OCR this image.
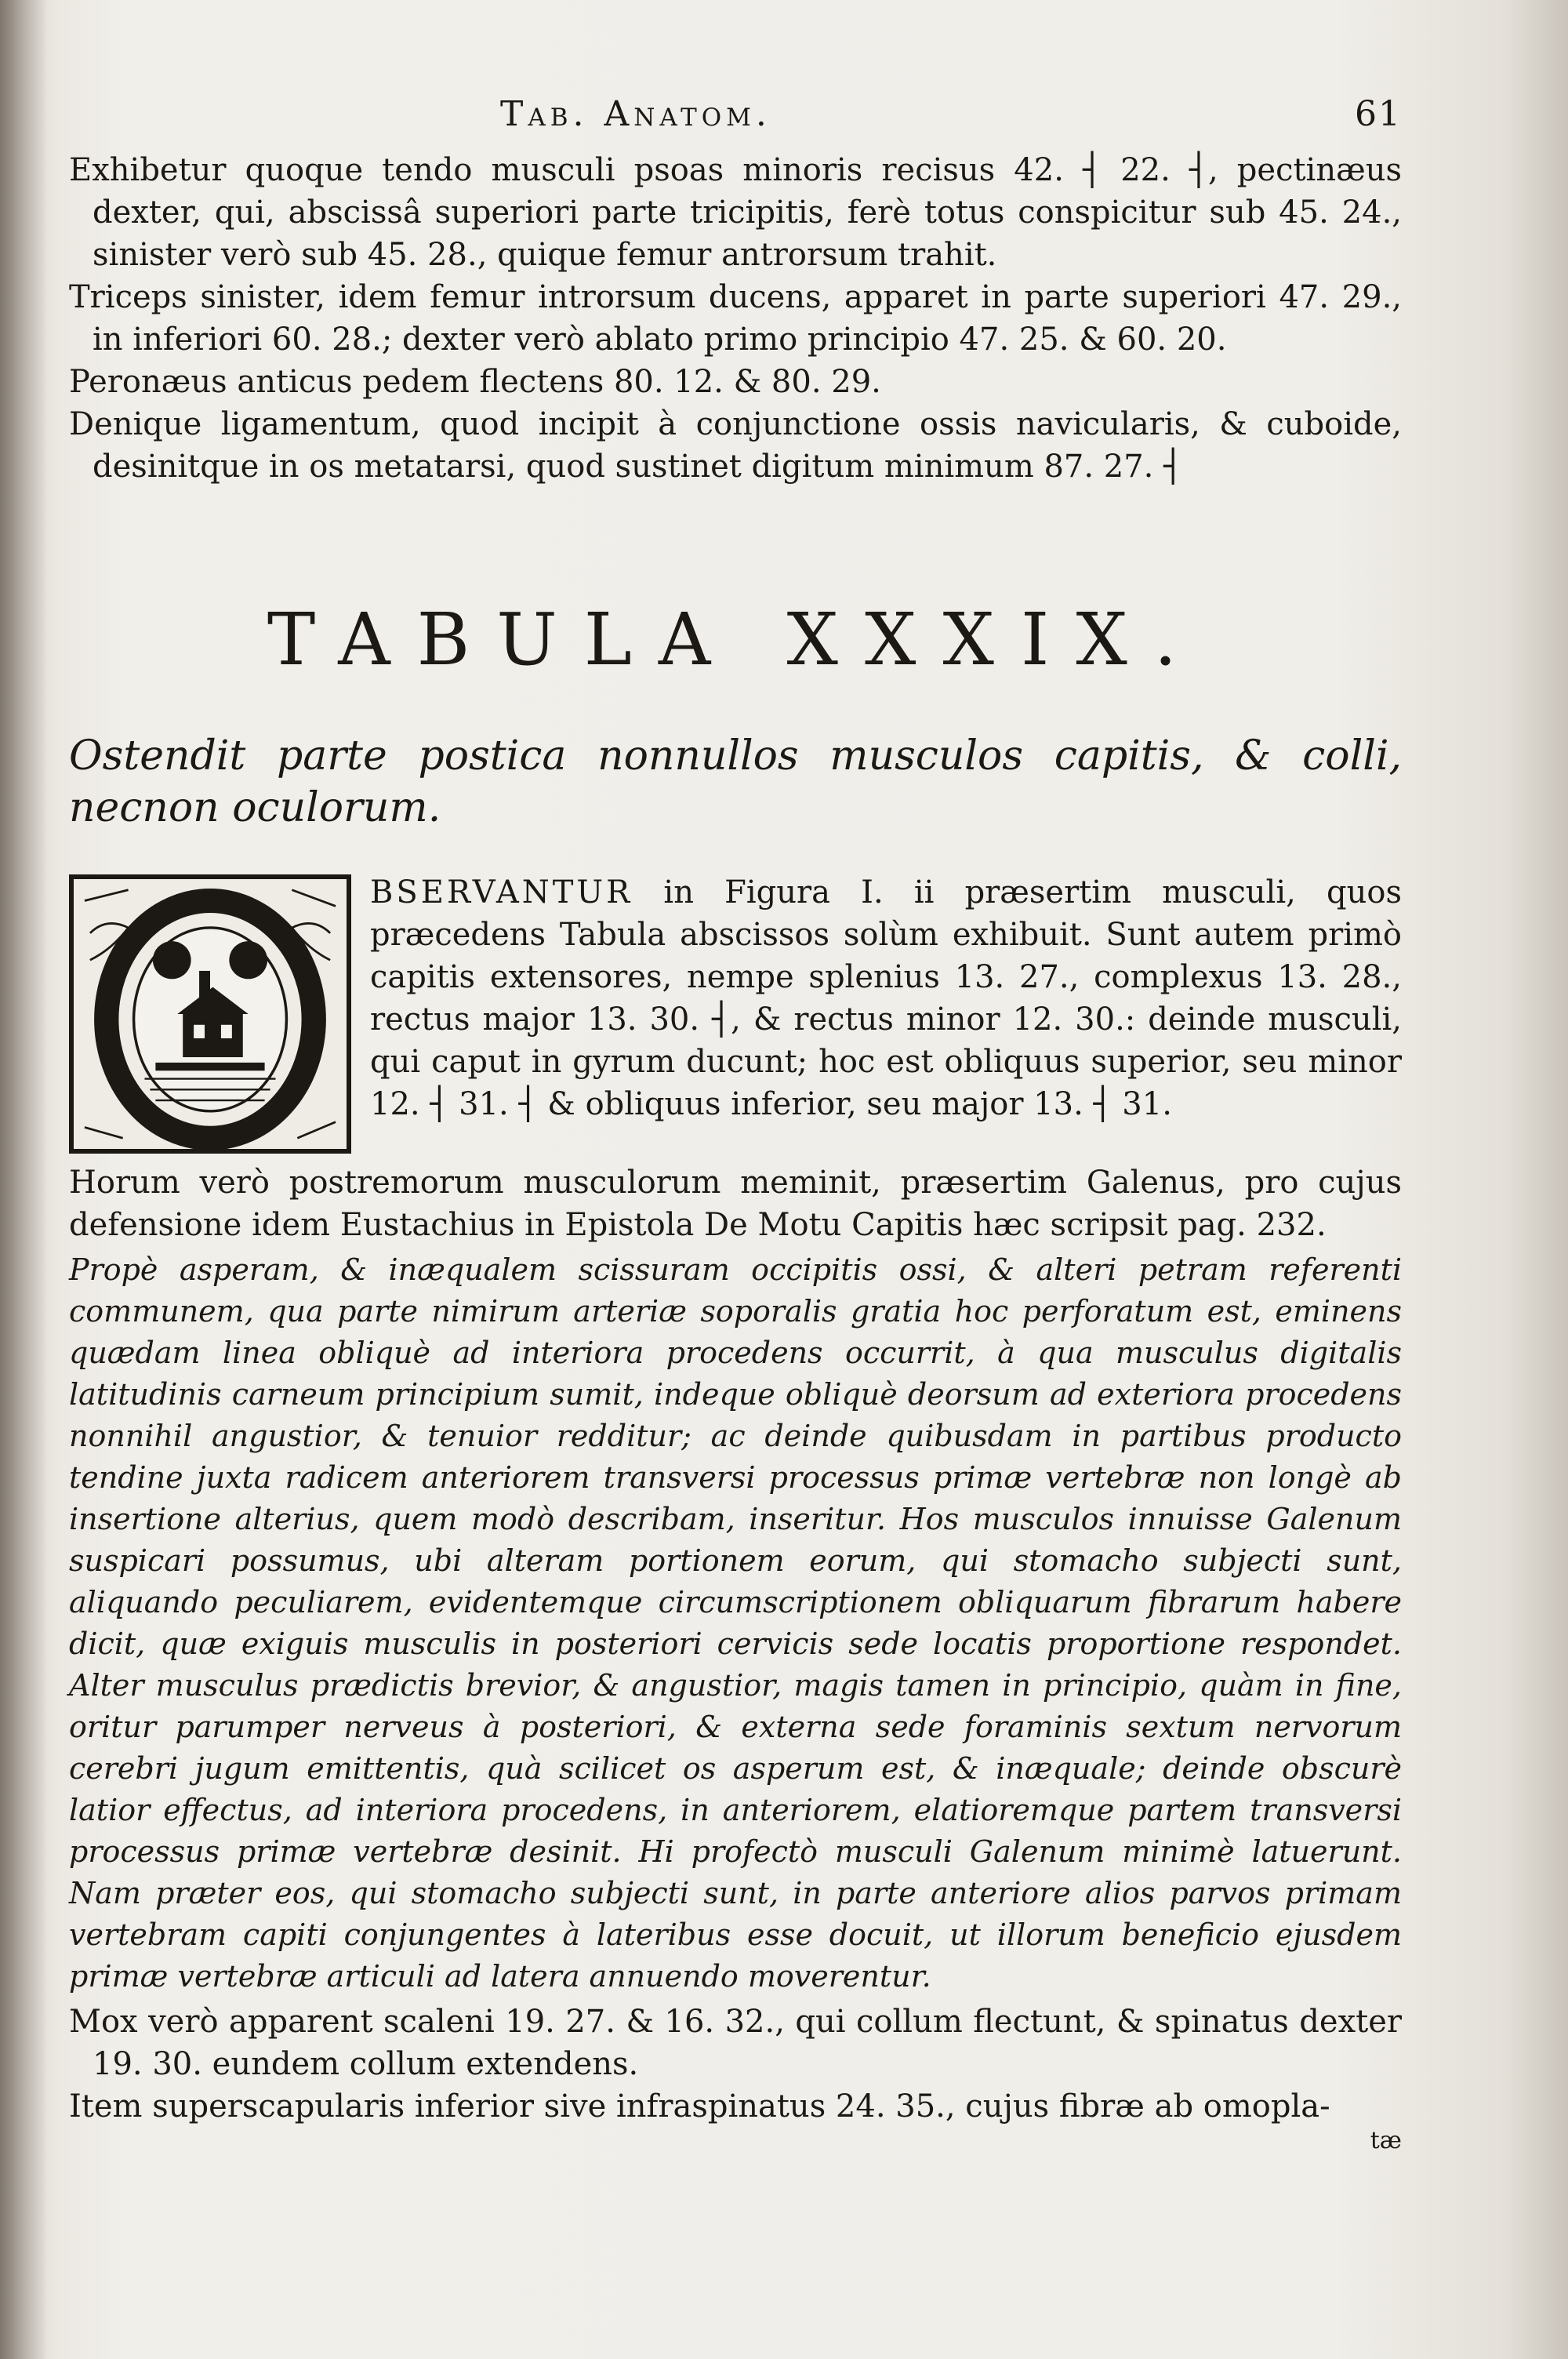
Tab. Anatom.	61

Exhibetur quoque tendo musculi psoas minoris recisus 42. ┤ 22. ┤, pectinæus dexter, qui, abscissâ superiori parte tricipitis, ferè totus conspicitur sub 45. 24., sinister verò sub 45. 28., quique femur antrorsum trahit.

Triceps sinister, idem femur introrsum ducens, apparet in parte superiori 47. 29., in inferiori 60. 28.; dexter verò ablato primo principio 47. 25. & 60. 20.

Peronæus anticus pedem flectens 80. 12. & 80. 29.

Denique ligamentum, quod incipit à conjunctione ossis navicularis, & cuboide, desinitque in os metatarsi, quod sustinet digitum minimum 87. 27. ┤

TABULA XXXIX.

Ostendit parte postica nonnullos musculos capitis, & colli, necnon oculorum.

BSERVANTUR in Figura I. ii præsertim musculi, quos præcedens Tabula abscissos solùm exhibuit. Sunt autem primò capitis extensores, nempe splenius 13. 27., complexus 13. 28., rectus major 13. 30. ┤, & rectus minor 12. 30.: deinde musculi, qui caput in gyrum ducunt; hoc est obliquus superior, seu minor 12. ┤ 31. ┤ & obliquus inferior, seu major 13. ┤ 31.

Horum verò postremorum musculorum meminit, præsertim Galenus, pro cujus defensione idem Eustachius in Epistola De Motu Capitis hæc scripsit pag. 232.

Propè asperam, & inæqualem scissuram occipitis ossi, & alteri petram referenti communem, qua parte nimirum arteriæ soporalis gratia hoc perforatum est, eminens quædam linea obliquè ad interiora procedens occurrit, à qua musculus digitalis latitudinis carneum principium sumit, indeque obliquè deorsum ad exteriora procedens nonnihil angustior, & tenuior redditur; ac deinde quibusdam in partibus producto tendine juxta radicem anteriorem transversi processus primæ vertebræ non longè ab insertione alterius, quem modò describam, inseritur. Hos musculos innuisse Galenum suspicari possumus, ubi alteram portionem eorum, qui stomacho subjecti sunt, aliquando peculiarem, evidentemque circumscriptionem obliquarum fibrarum habere dicit, quæ exiguis musculis in posteriori cervicis sede locatis proportione respondet. Alter musculus prædictis brevior, & angustior, magis tamen in principio, quàm in fine, oritur parumper nerveus à posteriori, & externa sede foraminis sextum nervorum cerebri jugum emittentis, quà scilicet os asperum est, & inæquale; deinde obscurè latior effectus, ad interiora procedens, in anteriorem, elatioremque partem transversi processus primæ vertebræ desinit. Hi profectò musculi Galenum minimè latuerunt. Nam præter eos, qui stomacho subjecti sunt, in parte anteriore alios parvos primam vertebram capiti conjungentes à lateribus esse docuit, ut illorum beneficio ejusdem primæ vertebræ articuli ad latera annuendo moverentur.

Mox verò apparent scaleni 19. 27. & 16. 32., qui collum flectunt, & spinatus dexter 19. 30. eundem collum extendens.

Item superscapularis inferior sive infraspinatus 24. 35., cujus fibræ ab omopla-

tæ
